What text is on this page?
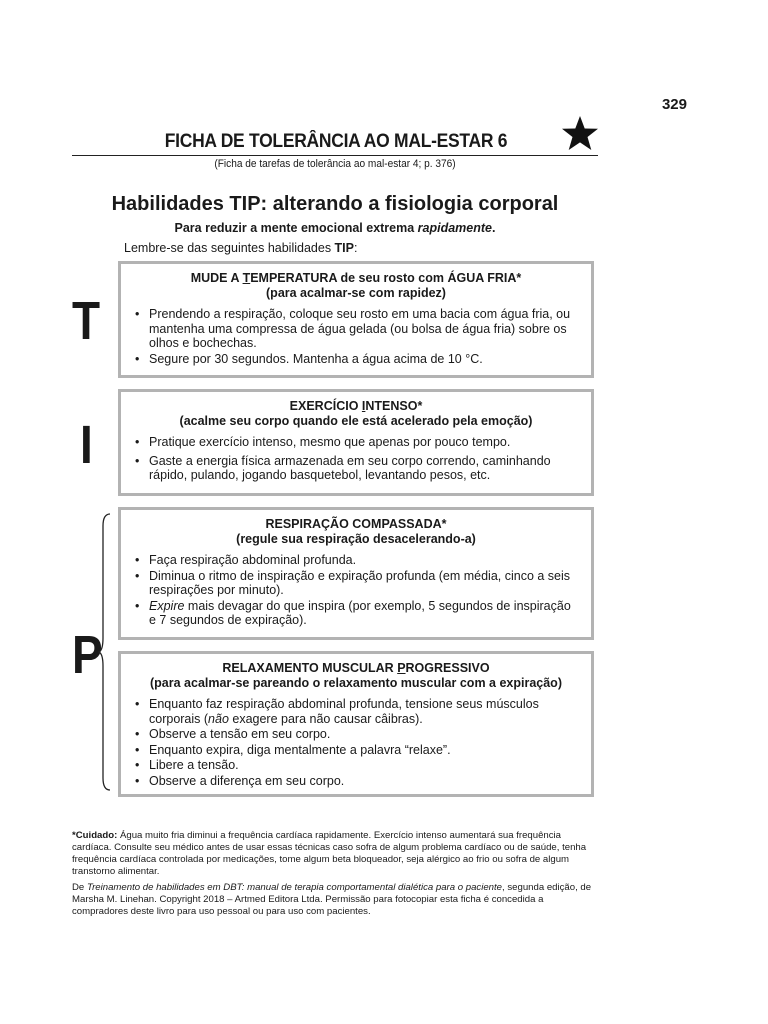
329
FICHA DE TOLERÂNCIA AO MAL-ESTAR 6
(Ficha de tarefas de tolerância ao mal-estar 4; p. 376)
Habilidades TIP: alterando a fisiologia corporal
Para reduzir a mente emocional extrema rapidamente.
Lembre-se das seguintes habilidades TIP:
T
I
P
MUDE A TEMPERATURA de seu rosto com ÁGUA FRIA*
(para acalmar-se com rapidez)
• Prendendo a respiração, coloque seu rosto em uma bacia com água fria, ou mantenha uma compressa de água gelada (ou bolsa de água fria) sobre os olhos e bochechas.
• Segure por 30 segundos. Mantenha a água acima de 10 °C.
EXERCÍCIO INTENSO*
(acalme seu corpo quando ele está acelerado pela emoção)
• Pratique exercício intenso, mesmo que apenas por pouco tempo.
• Gaste a energia física armazenada em seu corpo correndo, caminhando rápido, pulando, jogando basquetebol, levantando pesos, etc.
RESPIRAÇÃO COMPASSADA*
(regule sua respiração desacelerando-a)
• Faça respiração abdominal profunda.
• Diminua o ritmo de inspiração e expiração profunda (em média, cinco a seis respirações por minuto).
• Expire mais devagar do que inspira (por exemplo, 5 segundos de inspiração e 7 segundos de expiração).
RELAXAMENTO MUSCULAR PROGRESSIVO
(para acalmar-se pareando o relaxamento muscular com a expiração)
• Enquanto faz respiração abdominal profunda, tensione seus músculos corporais (não exagere para não causar câibras).
• Observe a tensão em seu corpo.
• Enquanto expira, diga mentalmente a palavra “relaxe”.
• Libere a tensão.
• Observe a diferença em seu corpo.
*Cuidado: Água muito fria diminui a frequência cardíaca rapidamente. Exercício intenso aumentará sua frequência cardíaca. Consulte seu médico antes de usar essas técnicas caso sofra de algum problema cardíaco ou de saúde, tenha frequência cardíaca controlada por medicações, tome algum beta bloqueador, seja alérgico ao frio ou sofra de algum transtorno alimentar.
De Treinamento de habilidades em DBT: manual de terapia comportamental dialética para o paciente, segunda edição, de Marsha M. Linehan. Copyright 2018 – Artmed Editora Ltda. Permissão para fotocopiar esta ficha é concedida a compradores deste livro para uso pessoal ou para uso com pacientes.
